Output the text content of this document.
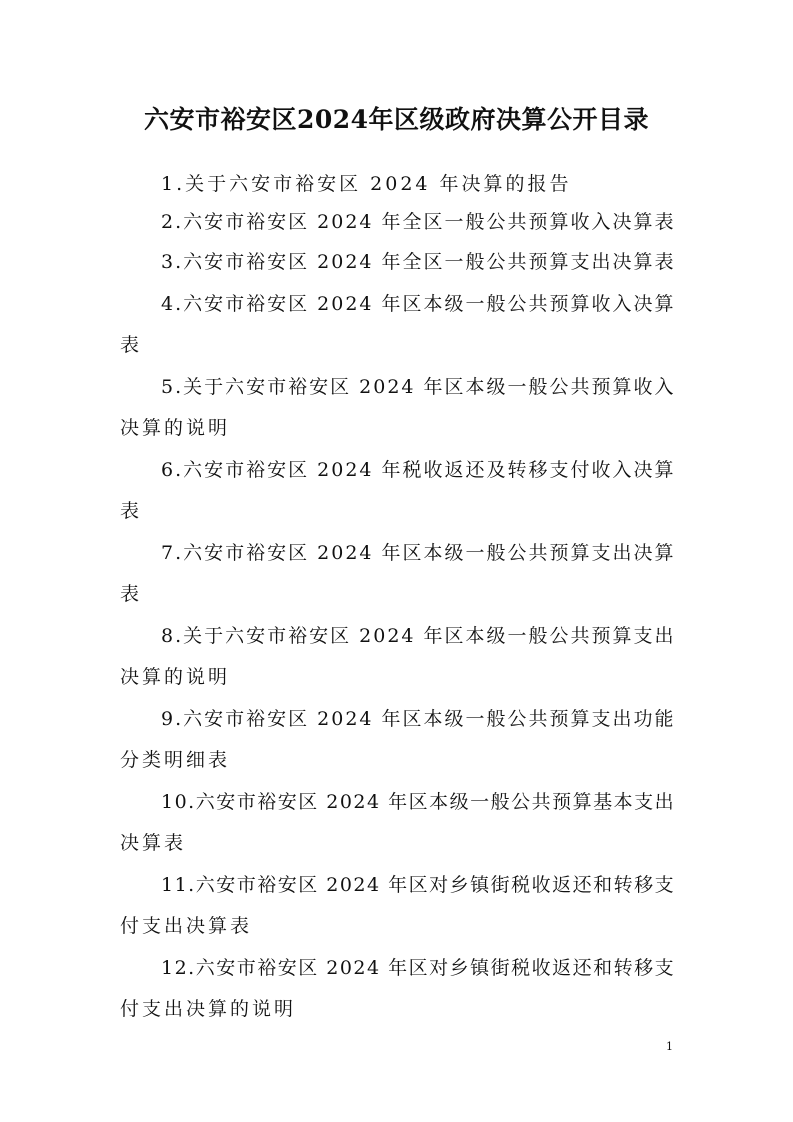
六安市裕安区2024年区级政府决算公开目录
1.关于六安市裕安区 2024 年决算的报告
2.六安市裕安区 2024 年全区一般公共预算收入决算表
3.六安市裕安区 2024 年全区一般公共预算支出决算表
4.六安市裕安区 2024 年区本级一般公共预算收入决算
表
5.关于六安市裕安区 2024 年区本级一般公共预算收入
决算的说明
6.六安市裕安区 2024 年税收返还及转移支付收入决算
表
7.六安市裕安区 2024 年区本级一般公共预算支出决算
表
8.关于六安市裕安区 2024 年区本级一般公共预算支出
决算的说明
9.六安市裕安区 2024 年区本级一般公共预算支出功能
分类明细表
10.六安市裕安区 2024 年区本级一般公共预算基本支出
决算表
11.六安市裕安区 2024 年区对乡镇街税收返还和转移支
付支出决算表
12.六安市裕安区 2024 年区对乡镇街税收返还和转移支
付支出决算的说明
1
